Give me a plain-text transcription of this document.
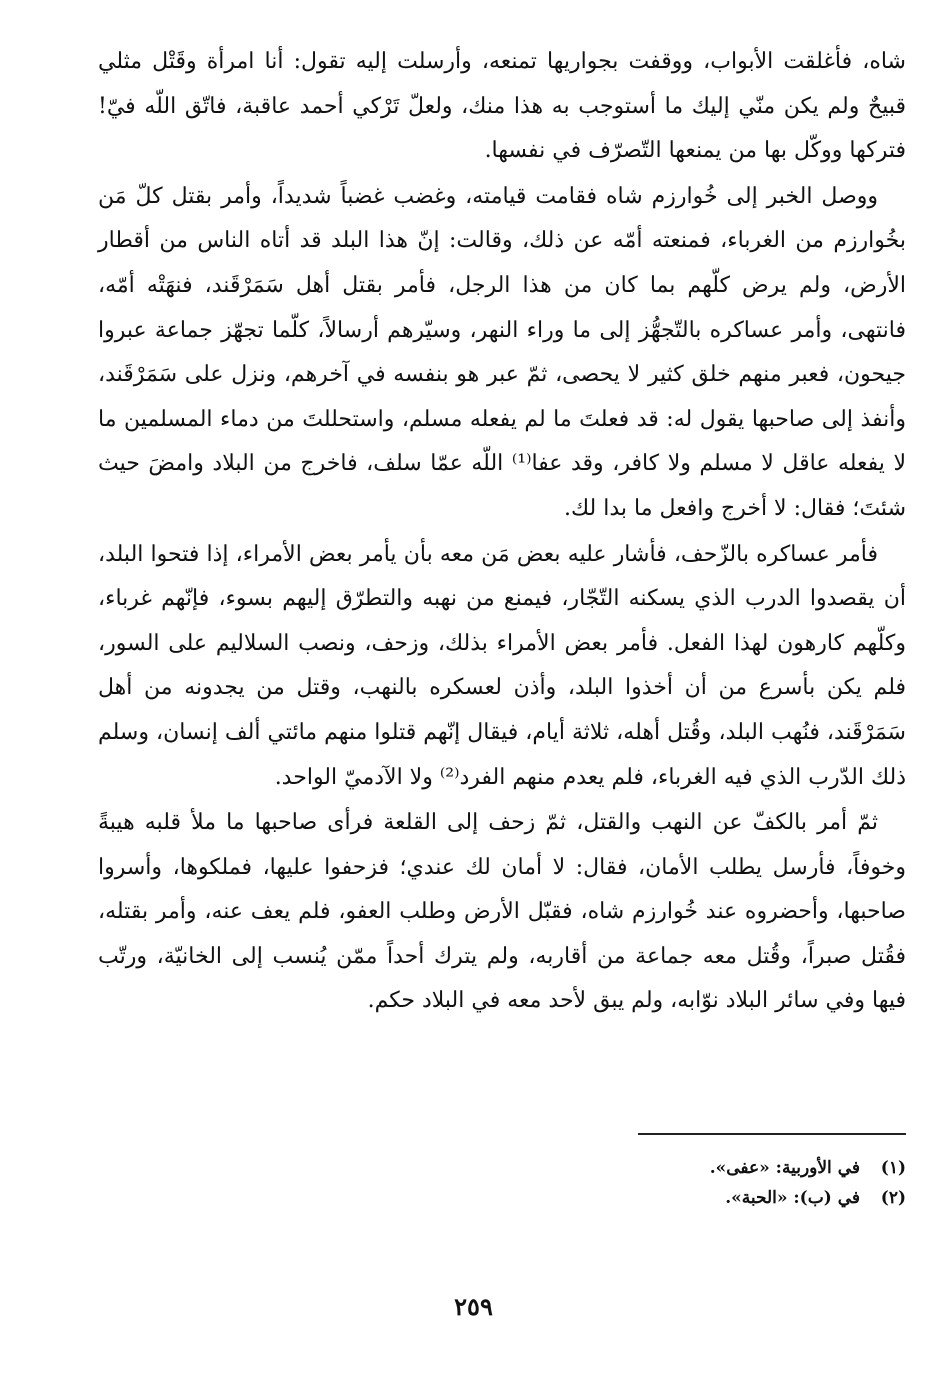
شاه، فأغلقت الأبواب، ووقفت بجواريها تمنعه، وأرسلت إليه تقول: أنا امرأة وقَتْل مثلي قبيحٌ ولم يكن منّي إليك ما أستوجب به هذا منك، ولعلّ تَرْكي أحمد عاقبة، فاتّق اللّه فيّ! فتركها ووكّل بها من يمنعها التّصرّف في نفسها.

ووصل الخبر إلى خُوارزم شاه فقامت قيامته، وغضب غضباً شديداً، وأمر بقتل كلّ مَن بخُوارزم من الغرباء، فمنعته أمّه عن ذلك، وقالت: إنّ هذا البلد قد أتاه الناس من أقطار الأرض، ولم يرض كلّهم بما كان من هذا الرجل، فأمر بقتل أهل سَمَرْقَند، فنهَتْه أمّه، فانتهى، وأمر عساكره بالتّجهُّز إلى ما وراء النهر، وسيّرهم أرسالاً، كلّما تجهّز جماعة عبروا جيحون، فعبر منهم خلق كثير لا يحصى، ثمّ عبر هو بنفسه في آخرهم، ونزل على سَمَرْقَند، وأنفذ إلى صاحبها يقول له: قد فعلتَ ما لم يفعله مسلم، واستحللتَ من دماء المسلمين ما لا يفعله عاقل لا مسلم ولا كافر، وقد عفا⁽¹⁾ اللّه عمّا سلف، فاخرج من البلاد وامضَ حيث شئتَ؛ فقال: لا أخرج وافعل ما بدا لك.

فأمر عساكره بالزّحف، فأشار عليه بعض مَن معه بأن يأمر بعض الأمراء، إذا فتحوا البلد، أن يقصدوا الدرب الذي يسكنه التّجّار، فيمنع من نهبه والتطرّق إليهم بسوء، فإنّهم غرباء، وكلّهم كارهون لهذا الفعل. فأمر بعض الأمراء بذلك، وزحف، ونصب السلاليم على السور، فلم يكن بأسرع من أن أخذوا البلد، وأذن لعسكره بالنهب، وقتل من يجدونه من أهل سَمَرْقَند، فنُهب البلد، وقُتل أهله، ثلاثة أيام، فيقال إنّهم قتلوا منهم مائتي ألف إنسان، وسلم ذلك الدّرب الذي فيه الغرباء، فلم يعدم منهم الفرد⁽²⁾ ولا الآدميّ الواحد.

ثمّ أمر بالكفّ عن النهب والقتل، ثمّ زحف إلى القلعة فرأى صاحبها ما ملأ قلبه هيبةً وخوفاً، فأرسل يطلب الأمان، فقال: لا أمان لك عندي؛ فزحفوا عليها، فملكوها، وأسروا صاحبها، وأحضروه عند خُوارزم شاه، فقبّل الأرض وطلب العفو، فلم يعف عنه، وأمر بقتله، فقُتل صبراً، وقُتل معه جماعة من أقاربه، ولم يترك أحداً ممّن يُنسب إلى الخانيّة، ورتّب فيها وفي سائر البلاد نوّابه، ولم يبق لأحد معه في البلاد حكم.

(١)
في الأوربية: «عفى».
(٢)
في (ب): «الحبة».
٢٥٩
